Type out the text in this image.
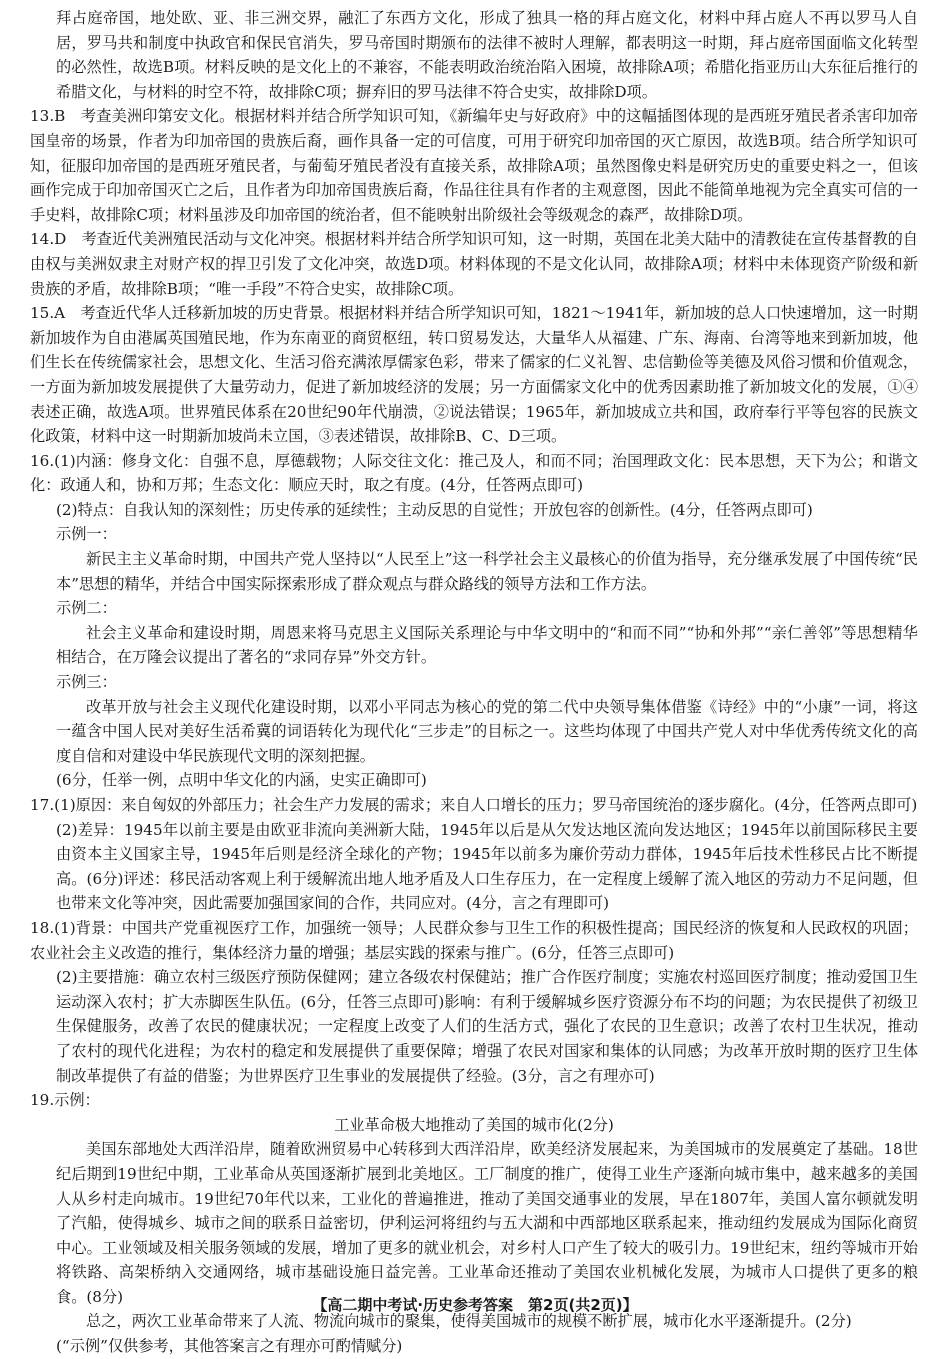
拜占庭帝国，地处欧、亚、非三洲交界，融汇了东西方文化，形成了独具一格的拜占庭文化，材料中拜占庭人不再以罗马人自居，罗马共和制度中执政官和保民官消失，罗马帝国时期颁布的法律不被时人理解，都表明这一时期，拜占庭帝国面临文化转型的必然性，故选B项。材料反映的是文化上的不兼容，不能表明政治统治陷入困境，故排除A项；希腊化指亚历山大东征后推行的希腊文化，与材料的时空不符，故排除C项；摒弃旧的罗马法律不符合史实，故排除D项。

13.B　考查美洲印第安文化。根据材料并结合所学知识可知，《新编年史与好政府》中的这幅插图体现的是西班牙殖民者杀害印加帝国皇帝的场景，作者为印加帝国的贵族后裔，画作具备一定的可信度，可用于研究印加帝国的灭亡原因，故选B项。结合所学知识可知，征服印加帝国的是西班牙殖民者，与葡萄牙殖民者没有直接关系，故排除A项；虽然图像史料是研究历史的重要史料之一，但该画作完成于印加帝国灭亡之后，且作者为印加帝国贵族后裔，作品往往具有作者的主观意图，因此不能简单地视为完全真实可信的一手史料，故排除C项；材料虽涉及印加帝国的统治者，但不能映射出阶级社会等级观念的森严，故排除D项。

14.D　考查近代美洲殖民活动与文化冲突。根据材料并结合所学知识可知，这一时期，英国在北美大陆中的清教徒在宣传基督教的自由权与美洲奴隶主对财产权的捍卫引发了文化冲突，故选D项。材料体现的不是文化认同，故排除A项；材料中未体现资产阶级和新贵族的矛盾，故排除B项；“唯一手段”不符合史实，故排除C项。

15.A　考查近代华人迁移新加坡的历史背景。根据材料并结合所学知识可知，1821～1941年，新加坡的总人口快速增加，这一时期新加坡作为自由港属英国殖民地，作为东南亚的商贸枢纽，转口贸易发达，大量华人从福建、广东、海南、台湾等地来到新加坡，他们生长在传统儒家社会，思想文化、生活习俗充满浓厚儒家色彩，带来了儒家的仁义礼智、忠信勤俭等美德及风俗习惯和价值观念，一方面为新加坡发展提供了大量劳动力，促进了新加坡经济的发展；另一方面儒家文化中的优秀因素助推了新加坡文化的发展，①④表述正确，故选A项。世界殖民体系在20世纪90年代崩溃，②说法错误；1965年，新加坡成立共和国，政府奉行平等包容的民族文化政策，材料中这一时期新加坡尚未立国，③表述错误，故排除B、C、D三项。

16.(1)内涵：修身文化：自强不息，厚德载物；人际交往文化：推己及人，和而不同；治国理政文化：民本思想，天下为公；和谐文化：政通人和，协和万邦；生态文化：顺应天时，取之有度。(4分，任答两点即可)

(2)特点：自我认知的深刻性；历史传承的延续性；主动反思的自觉性；开放包容的创新性。(4分，任答两点即可)

示例一：

新民主主义革命时期，中国共产党人坚持以“人民至上”这一科学社会主义最核心的价值为指导，充分继承发展了中国传统“民本”思想的精华，并结合中国实际探索形成了群众观点与群众路线的领导方法和工作方法。

示例二：

社会主义革命和建设时期，周恩来将马克思主义国际关系理论与中华文明中的“和而不同”“协和外邦”“亲仁善邻”等思想精华相结合，在万隆会议提出了著名的“求同存异”外交方针。

示例三：

改革开放与社会主义现代化建设时期，以邓小平同志为核心的党的第二代中央领导集体借鉴《诗经》中的“小康”一词，将这一蕴含中国人民对美好生活希冀的词语转化为现代化“三步走”的目标之一。这些均体现了中国共产党人对中华优秀传统文化的高度自信和对建设中华民族现代文明的深刻把握。

(6分，任举一例，点明中华文化的内涵，史实正确即可)

17.(1)原因：来自匈奴的外部压力；社会生产力发展的需求；来自人口增长的压力；罗马帝国统治的逐步腐化。(4分，任答两点即可)

(2)差异：1945年以前主要是由欧亚非流向美洲新大陆，1945年以后是从欠发达地区流向发达地区；1945年以前国际移民主要由资本主义国家主导，1945年后则是经济全球化的产物；1945年以前多为廉价劳动力群体，1945年后技术性移民占比不断提高。(6分)评述：移民活动客观上利于缓解流出地人地矛盾及人口生存压力，在一定程度上缓解了流入地区的劳动力不足问题，但也带来文化等冲突，因此需要加强国家间的合作，共同应对。(4分，言之有理即可)

18.(1)背景：中国共产党重视医疗工作，加强统一领导；人民群众参与卫生工作的积极性提高；国民经济的恢复和人民政权的巩固；农业社会主义改造的推行，集体经济力量的增强；基层实践的探索与推广。(6分，任答三点即可)

(2)主要措施：确立农村三级医疗预防保健网；建立各级农村保健站；推广合作医疗制度；实施农村巡回医疗制度；推动爱国卫生运动深入农村；扩大赤脚医生队伍。(6分，任答三点即可)影响：有利于缓解城乡医疗资源分布不均的问题；为农民提供了初级卫生保健服务，改善了农民的健康状况；一定程度上改变了人们的生活方式，强化了农民的卫生意识；改善了农村卫生状况，推动了农村的现代化进程；为农村的稳定和发展提供了重要保障；增强了农民对国家和集体的认同感；为改革开放时期的医疗卫生体制改革提供了有益的借鉴；为世界医疗卫生事业的发展提供了经验。(3分，言之有理亦可)

19.示例：

工业革命极大地推动了美国的城市化(2分)

美国东部地处大西洋沿岸，随着欧洲贸易中心转移到大西洋沿岸，欧美经济发展起来，为美国城市的发展奠定了基础。18世纪后期到19世纪中期，工业革命从英国逐渐扩展到北美地区。工厂制度的推广，使得工业生产逐渐向城市集中，越来越多的美国人从乡村走向城市。19世纪70年代以来，工业化的普遍推进，推动了美国交通事业的发展，早在1807年，美国人富尔顿就发明了汽船，使得城乡、城市之间的联系日益密切，伊利运河将纽约与五大湖和中西部地区联系起来，推动纽约发展成为国际化商贸中心。工业领域及相关服务领域的发展，增加了更多的就业机会，对乡村人口产生了较大的吸引力。19世纪末，纽约等城市开始将铁路、高架桥纳入交通网络，城市基础设施日益完善。工业革命还推动了美国农业机械化发展，为城市人口提供了更多的粮食。(8分)

总之，两次工业革命带来了人流、物流向城市的聚集，使得美国城市的规模不断扩展，城市化水平逐渐提升。(2分)

(“示例”仅供参考，其他答案言之有理亦可酌情赋分)

【高二期中考试·历史参考答案　第2页(共2页)】
